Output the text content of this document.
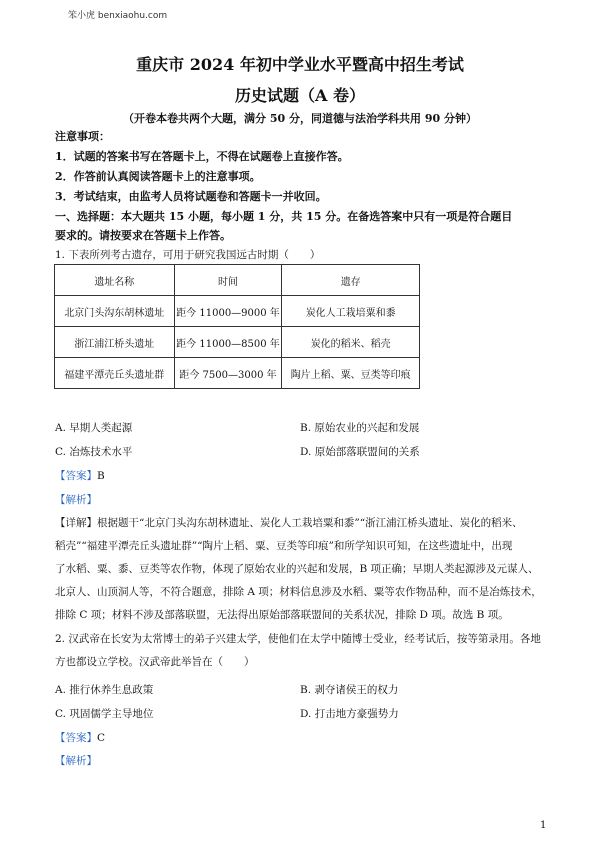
笨小虎 benxiaohu.com
重庆市 2024 年初中学业水平暨高中招生考试
历史试题（A 卷）
（开卷本卷共两个大题，满分 50 分，同道德与法治学科共用 90 分钟）
注意事项：
1．试题的答案书写在答题卡上，不得在试题卷上直接作答。
2．作答前认真阅读答题卡上的注意事项。
3．考试结束，由监考人员将试题卷和答题卡一并收回。
一、选择题：本大题共 15 小题，每小题 1 分，共 15 分。在备选答案中只有一项是符合题目
要求的。请按要求在答题卡上作答。
1. 下表所列考古遗存，可用于研究我国远古时期（　　）
遗址名称	时间	遗存
北京门头沟东胡林遗址	距今 11000—9000 年	炭化人工栽培粟和黍
浙江浦江桥头遗址	距今 11000—8500 年	炭化的稻米、稻壳
福建平潭壳丘头遗址群	距今 7500—3000 年	陶片上稻、粟、豆类等印痕
A. 早期人类起源	B. 原始农业的兴起和发展
C. 冶炼技术水平	D. 原始部落联盟间的关系
【答案】B
【解析】
【详解】根据题干“北京门头沟东胡林遗址、炭化人工栽培粟和黍”“浙江浦江桥头遗址、炭化的稻米、
稻壳”“福建平潭壳丘头遗址群”“陶片上稻、粟、豆类等印痕”和所学知识可知，在这些遗址中，出现
了水稻、粟、黍、豆类等农作物，体现了原始农业的兴起和发展，B 项正确；早期人类起源涉及元谋人、
北京人、山顶洞人等，不符合题意，排除 A 项；材料信息涉及水稻、粟等农作物品种，而不是冶炼技术，
排除 C 项；材料不涉及部落联盟，无法得出原始部落联盟间的关系状况，排除 D 项。故选 B 项。
2. 汉武帝在长安为太常博士的弟子兴建太学，使他们在太学中随博士受业，经考试后，按等第录用。各地
方也都设立学校。汉武帝此举旨在（　　）
A. 推行休养生息政策	B. 剥夺诸侯王的权力
C. 巩固儒学主导地位	D. 打击地方豪强势力
【答案】C
【解析】
1
